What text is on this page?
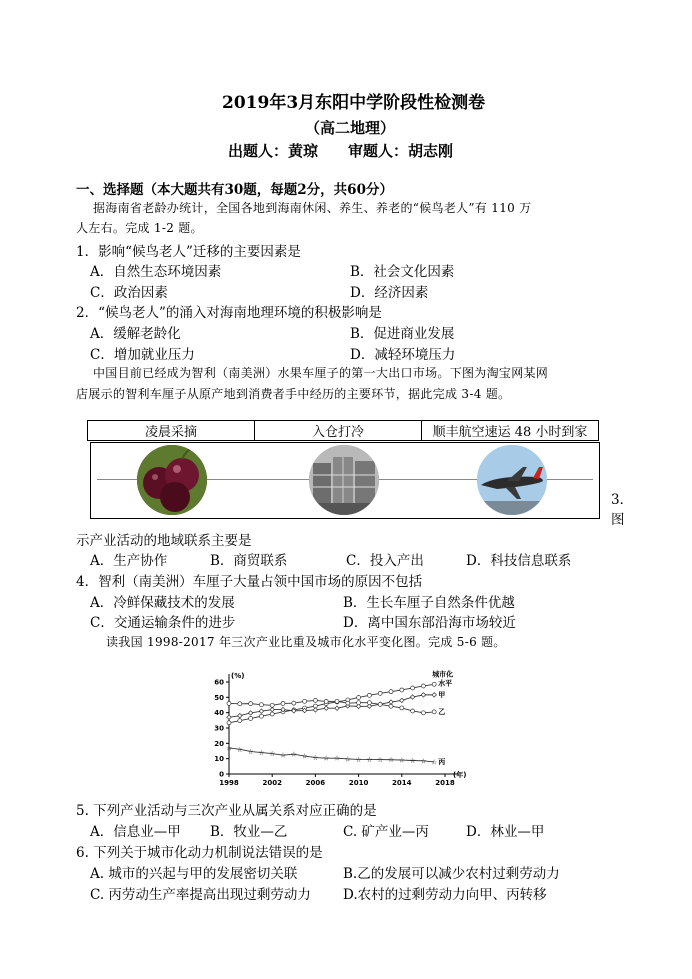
2019年3月东阳中学阶段性检测卷
（高二地理）
出题人：黄琼　　审题人：胡志刚
一、选择题（本大题共有30题，每题2分，共60分）
据海南省老龄办统计，全国各地到海南休闲、养生、养老的“候鸟老人”有 110 万
人左右。完成 1-2 题。
1．影响“候鸟老人”迁移的主要因素是
A．自然生态环境因素	B．社会文化因素
C．政治因素	D．经济因素
2．“候鸟老人”的涌入对海南地理环境的积极影响是
A．缓解老龄化	B．促进商业发展
C．增加就业压力	D．减轻环境压力
中国目前已经成为智利（南美洲）水果车厘子的第一大出口市场。下图为淘宝网某网
店展示的智利车厘子从原产地到消费者手中经历的主要环节，据此完成 3-4 题。
凌晨采摘	入仓打冷	顺丰航空速运 48 小时到家
3．
图
示产业活动的地域联系主要是
A．生产协作	B．商贸联系	C．投入产出	D．科技信息联系
4．智利（南美洲）车厘子大量占领中国市场的原因不包括
A．冷鲜保藏技术的发展	B．生长车厘子自然条件优越
C．交通运输条件的进步	D．离中国东部沿海市场较近
读我国 1998-2017 年三次产业比重及城市化水平变化图。完成 5-6 题。
0
10
20
30
40
50
60
1998	2002	2006	2010	2014	2018
(%)
(年)
☆ ☆ ☆ ☆ ☆ ☆ ☆ ☆ ☆ ☆ ☆ ☆ ☆ ☆ ☆ ☆ ☆ ☆ ☆ ☆
城市化
水平
甲
乙
丙
5. 下列产业活动与三次产业从属关系对应正确的是
A．信息业—甲 B．牧业—乙	C. 矿产业—丙	D．林业—甲
6. 下列关于城市化动力机制说法错误的是
A. 城市的兴起与甲的发展密切关联	B.乙的发展可以减少农村过剩劳动力
C. 丙劳动生产率提高出现过剩劳动力 D.农村的过剩劳动力向甲、丙转移
